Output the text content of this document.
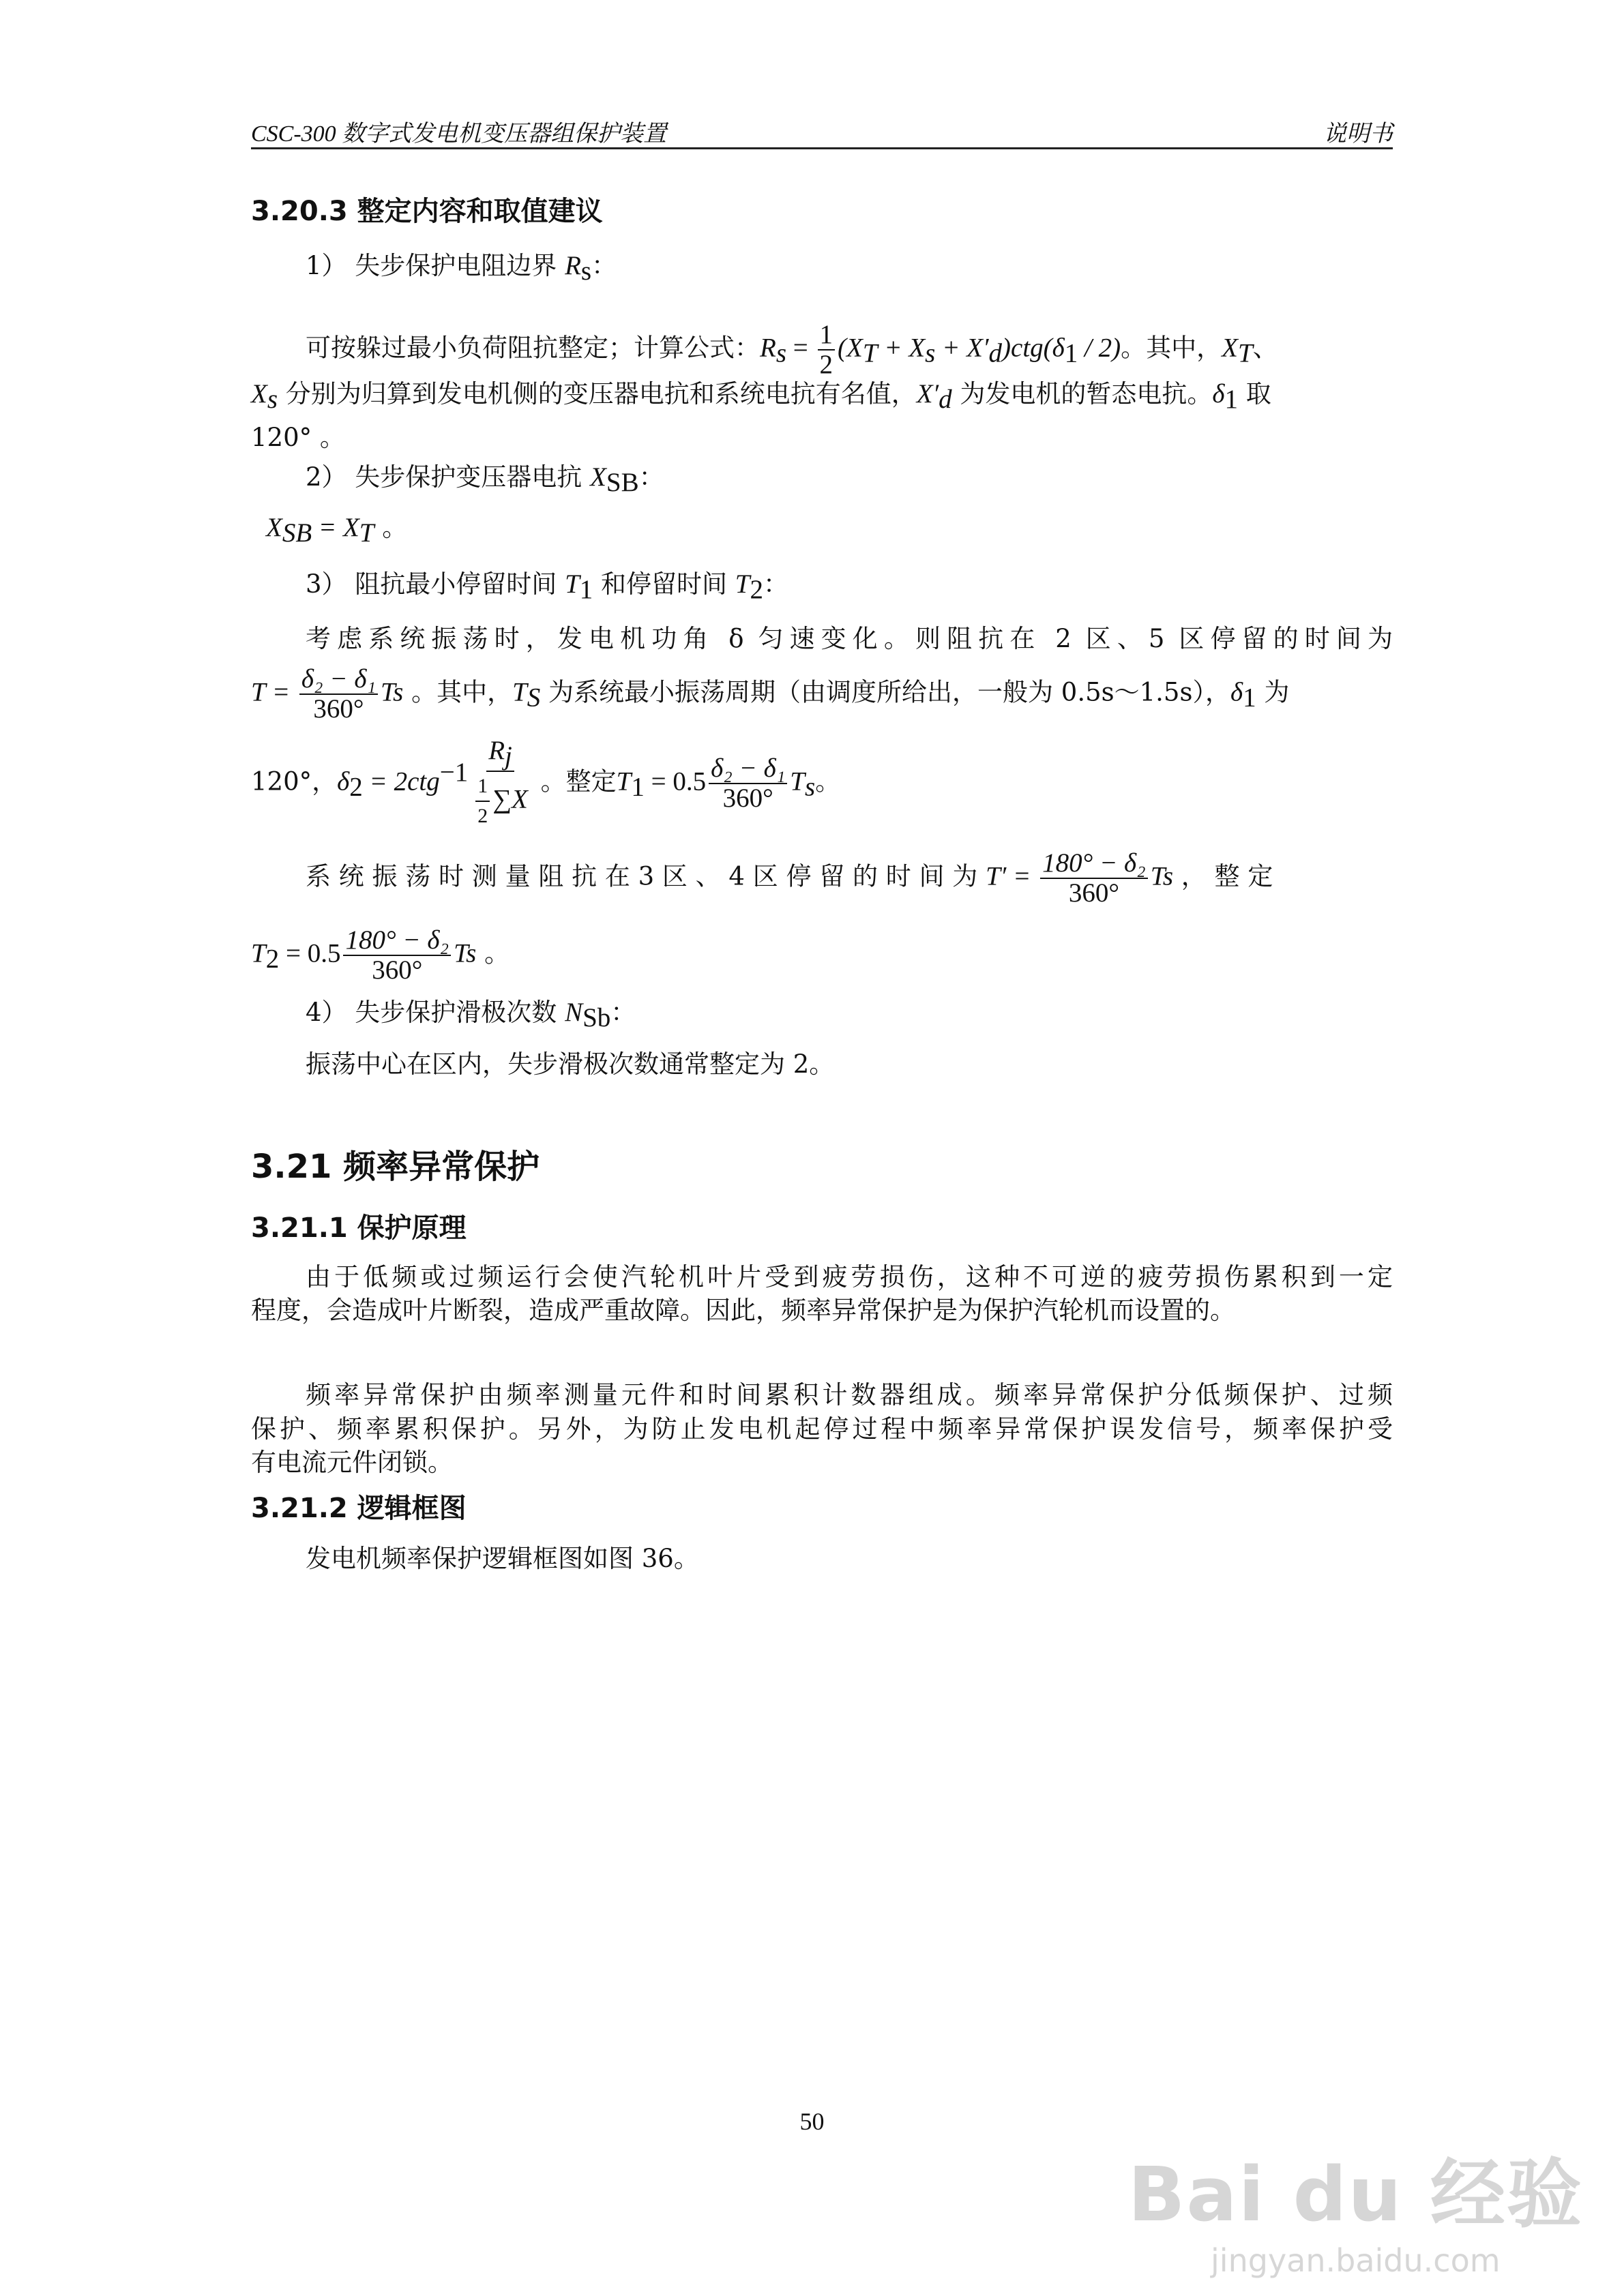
CSC-300 数字式发电机变压器组保护装置	说明书
3.20.3 整定内容和取值建议
1） 失步保护电阻边界 $R_s$：
可按躲过最小负荷阻抗整定；计算公式：$R_s = \frac{1}{2} (X_T + X_s + X'_d)ctg(\delta_1 / 2)$。其中，$X_T$、
$X_s$ 分别为归算到发电机侧的变压器电抗和系统电抗有名值，$X'_d$ 为发电机的暂态电抗。$\delta_1$ 取
120° 。
2） 失步保护变压器电抗 $X_{SB}$：
$X_{SB} = X_T$ 。
3） 阻抗最小停留时间 $T_1$ 和停留时间 $T_2$：
考虑系统振荡时，发电机功角 δ 匀速变化。则阻抗在 2 区、5 区停留的时间为
$T = \frac{\text{δ₂ − δ₁}}{360^\circ}$ Ts 。其中，$T_S$ 为系统最小振荡周期（由调度所给出，一般为 0.5s～1.5s），$\delta_1$ 为
120°，$\delta_2 = 2ctg^{-1} \frac{R_j}{\frac{1}{2} \sum X}$ 。整定$T_1 = 0.5 \frac{\text{δ₂ − δ₁}}{360^\circ} T_s$。
系 统 振 荡 时 测 量 阻 抗 在 3 区 、 4 区 停 留 的 时 间 为 $T' = \frac{\text{180° − δ₂}}{360^\circ}$ Ts ， 整 定
$T_2 = 0.5 \frac{\text{180° − δ₂}}{360^\circ}$ Ts 。
4） 失步保护滑极次数 $N_{Sb}$：
振荡中心在区内，失步滑极次数通常整定为 2。
3.21 频率异常保护
3.21.1 保护原理
由于低频或过频运行会使汽轮机叶片受到疲劳损伤，这种不可逆的疲劳损伤累积到一定
程度，会造成叶片断裂，造成严重故障。因此，频率异常保护是为保护汽轮机而设置的。
频率异常保护由频率测量元件和时间累积计数器组成。频率异常保护分低频保护、过频
保护、频率累积保护。另外，为防止发电机起停过程中频率异常保护误发信号，频率保护受
有电流元件闭锁。
3.21.2 逻辑框图
发电机频率保护逻辑框图如图 36。
50
Bai du 经验
jingyan.baidu.com
